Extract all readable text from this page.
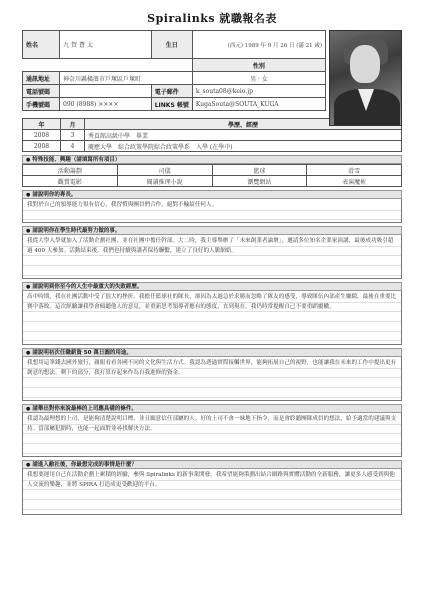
Spiralinks 就職報名表
姓名	九賀蒼太	生日	(西元) 1989 年 9 月 26 日 (滿 21 歲)
			性別
通訊地址	神奈川縣橫濱市戶塚區戶塚町		男 · 女
電話號碼		電子郵件	k_souta08@keio.jp
手機號碼	090 (8988) ××××	LINKS 帳號	KugaSouta@SOUTA_KUGA
年	月	學歷、經歷
2008	3	秀貢館高級中學　畢業
2008	4	慶應大學　綜合政策學院綜合政策學系　入學 (在學中)
● 特殊技能、興趣（請填寫所有項目）
活動籌劃	司儀	籃球	滑雪
觀賞電影	閱讀推理小說	瀏覽網站	表演魔術
● 請說明你的專長。
我對於自己的領導能力很有信心，我習慣與團員們合作，絕對不輸給任何人。
● 請說明你在學生時代最努力做的事。
我從大學入學就加入了活動企劃社團，並在社團中擔任幹部。大二時，我主導舉辦了「未來創業者論壇」，邀請多位知名企業家演講，最後成功吸引超過 400 人參加。活動結束後，我們也持續與講者保持聯繫，建立了良好的人脈網絡。
● 請說明到你至今的人生中最重大的失敗經歷。
高中時期，我在社團活動中受了很大的挫折。我擔任籃球社的隊長，卻因為太過急於求勝而忽略了隊友的感受，導致隊伍內部產生嫌隙，最後在重要比賽中落敗。這次經驗讓我學會傾聽他人的意見，並重新思考領導者應有的態度，直到現在，我仍時常提醒自己不要重蹈覆轍。
● 請說明初次任職薪資 50 萬日圓的用途。
我想用這筆錢去國外旅行，親眼看看各國不同的文化與生活方式。我認為透過實際接觸世界，能夠拓展自己的視野，也能讓我在未來的工作中提出更有創意的想法。剩下的部分，我打算存起來作為自我進修的資金。
● 請舉出對你來說最棒的上司應具備的條件。
我認為最理想的上司，是能夠清楚說明目標、並且願意信任部屬的人。好的上司不會一味地下指令，而是會聆聽團隊成員的想法，給予適當的建議與支持。當部屬犯錯時，也能一起面對並尋找解決方法。
● 請進入敝社後，你最想完成的事情是什麼？
我想要運用自己在活動企劃上累積的經驗，參與 Spiralinks 的新事業開發。我希望能夠策劃出結合網路與實體活動的全新服務，讓更多人感受到與他人交流的樂趣，並將 SPIRA 打造成更受歡迎的平台。
